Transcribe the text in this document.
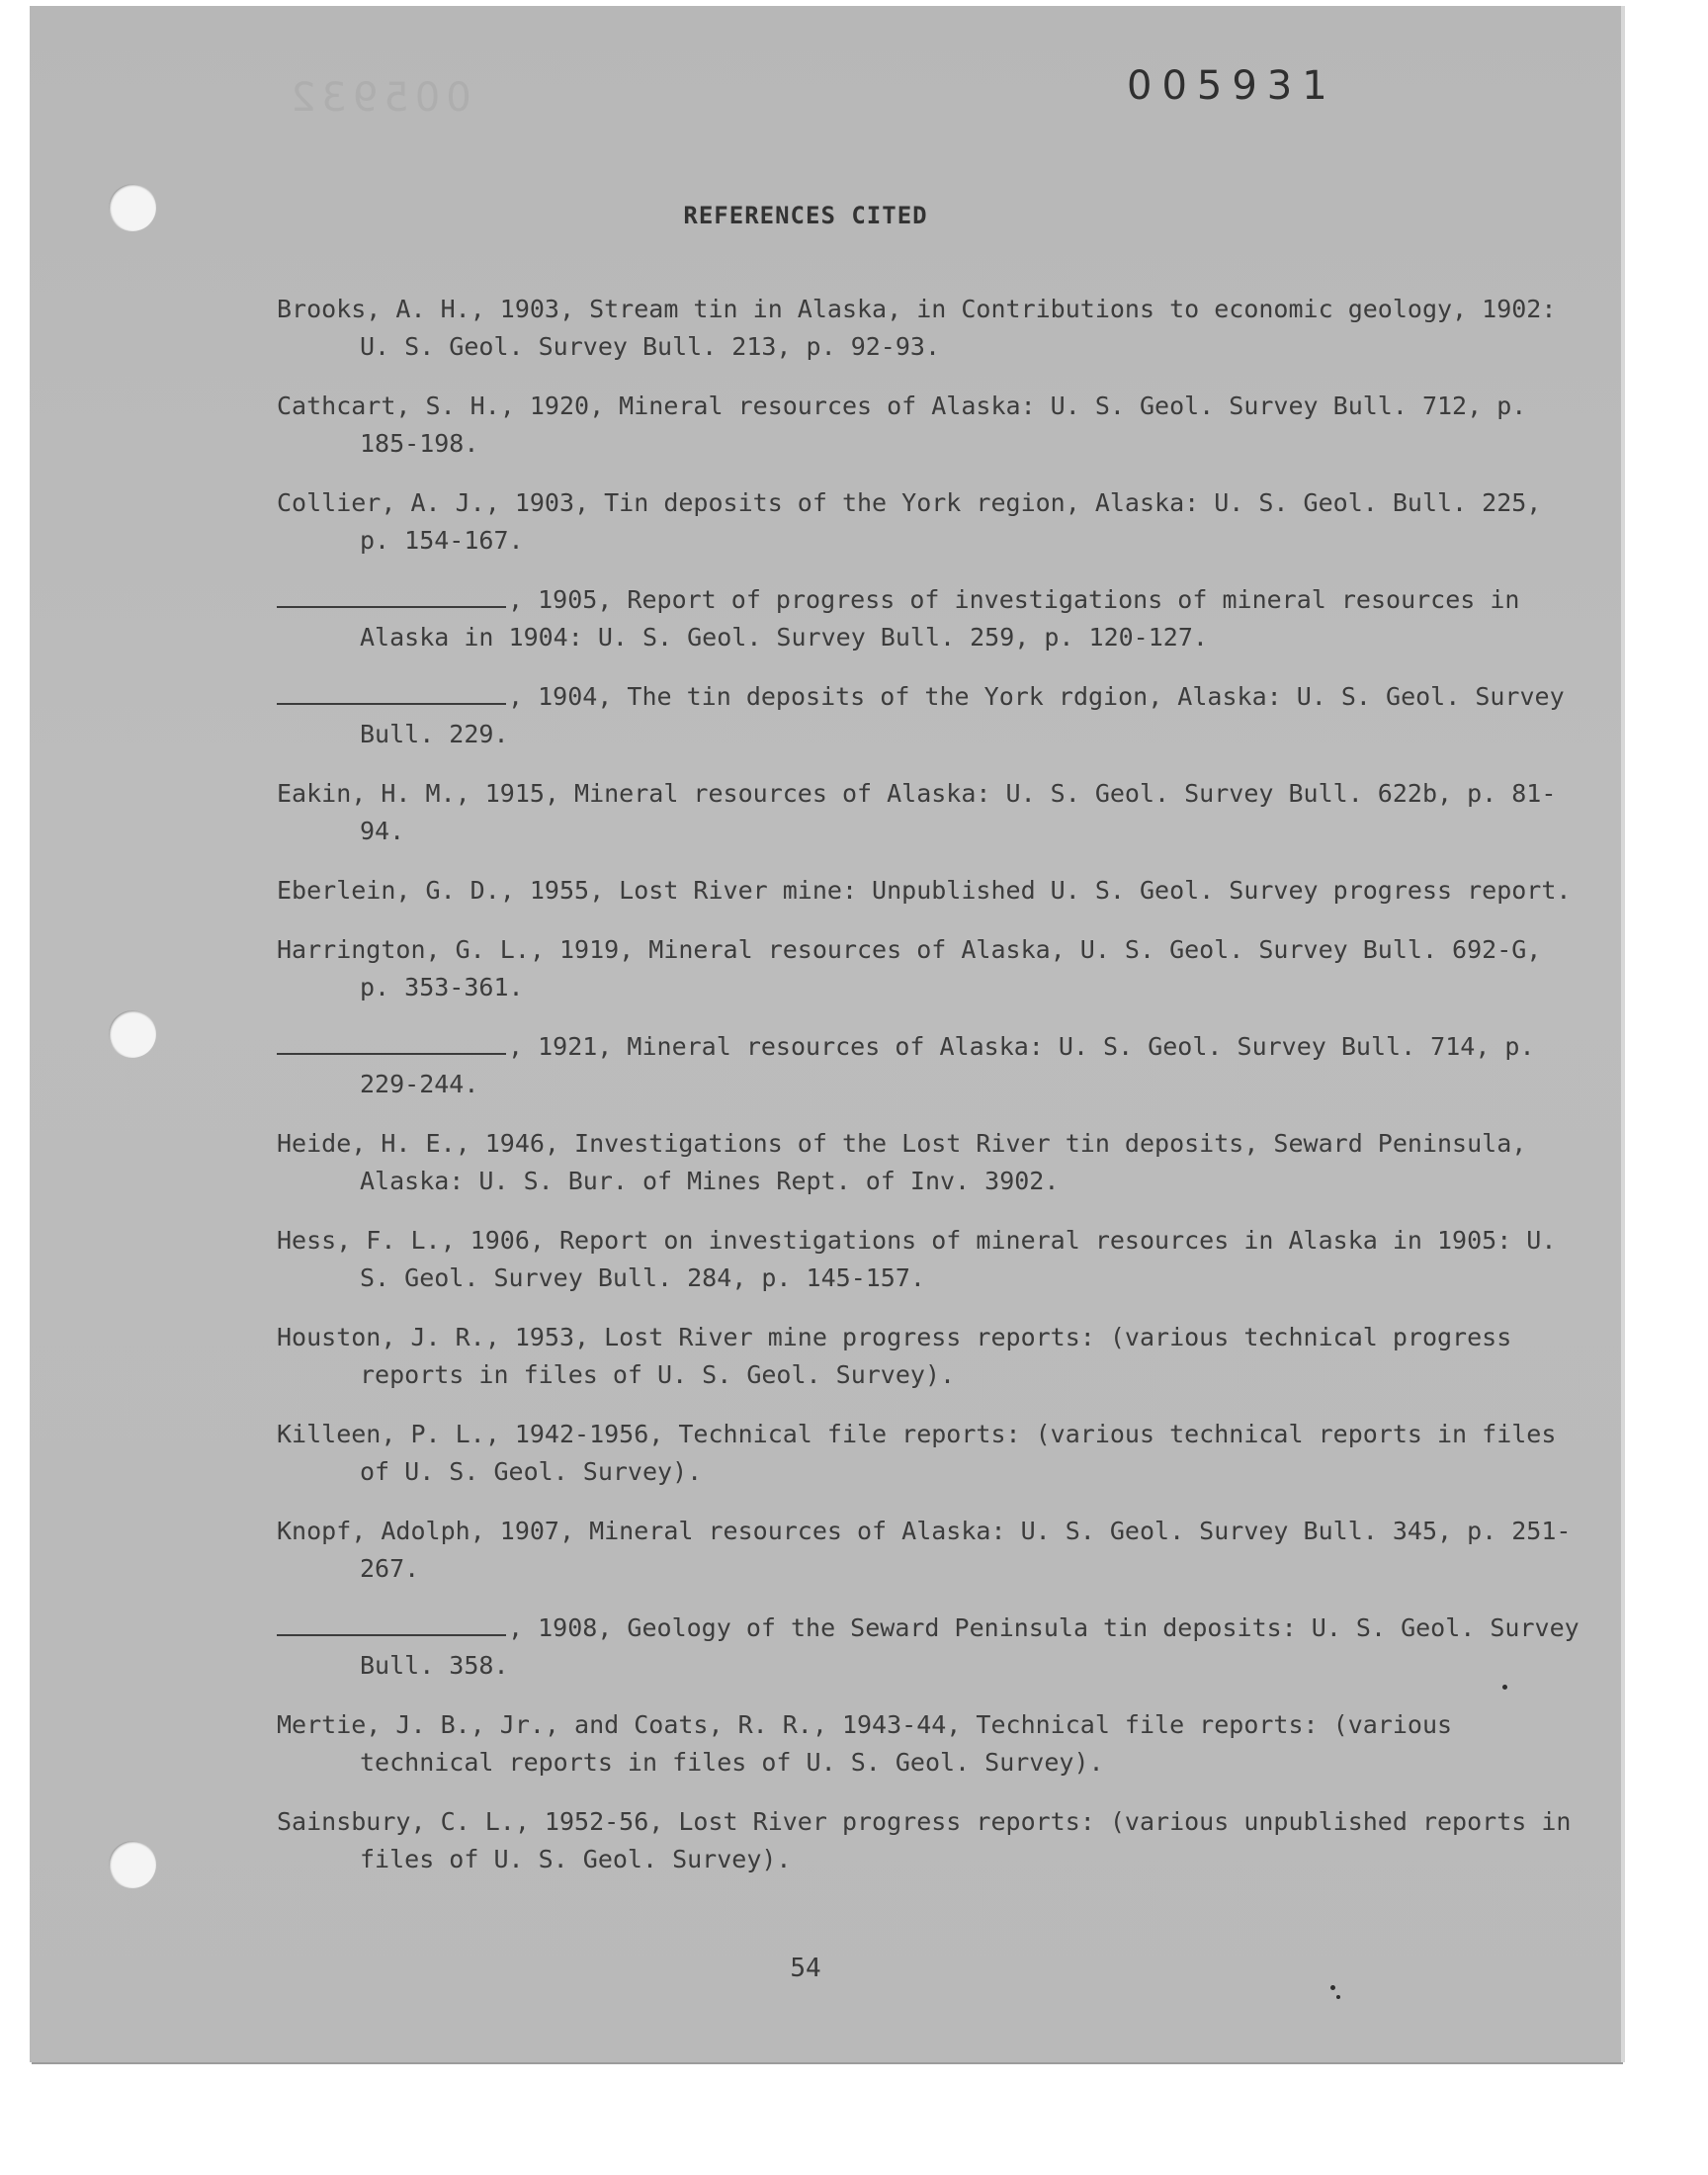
005932	005931
REFERENCES CITED
Brooks, A. H., 1903, Stream tin in Alaska, in Contributions to economic geology, 1902: U. S. Geol. Survey Bull. 213, p. 92-93.
Cathcart, S. H., 1920, Mineral resources of Alaska: U. S. Geol. Survey Bull. 712, p. 185-198.
Collier, A. J., 1903, Tin deposits of the York region, Alaska: U. S. Geol. Bull. 225, p. 154-167.
, 1905, Report of progress of investigations of mineral resources in Alaska in 1904: U. S. Geol. Survey Bull. 259, p. 120-127.
, 1904, The tin deposits of the York rdgion, Alaska: U. S. Geol. Survey Bull. 229.
Eakin, H. M., 1915, Mineral resources of Alaska: U. S. Geol. Survey Bull. 622b, p. 81-94.
Eberlein, G. D., 1955, Lost River mine: Unpublished U. S. Geol. Survey progress report.
Harrington, G. L., 1919, Mineral resources of Alaska, U. S. Geol. Survey Bull. 692-G, p. 353-361.
, 1921, Mineral resources of Alaska: U. S. Geol. Survey Bull. 714, p. 229-244.
Heide, H. E., 1946, Investigations of the Lost River tin deposits, Seward Peninsula, Alaska: U. S. Bur. of Mines Rept. of Inv. 3902.
Hess, F. L., 1906, Report on investigations of mineral resources in Alaska in 1905: U. S. Geol. Survey Bull. 284, p. 145-157.
Houston, J. R., 1953, Lost River mine progress reports: (various technical progress reports in files of U. S. Geol. Survey).
Killeen, P. L., 1942-1956, Technical file reports: (various technical reports in files of U. S. Geol. Survey).
Knopf, Adolph, 1907, Mineral resources of Alaska: U. S. Geol. Survey Bull. 345, p. 251-267.
, 1908, Geology of the Seward Peninsula tin deposits: U. S. Geol. Survey Bull. 358.
Mertie, J. B., Jr., and Coats, R. R., 1943-44, Technical file reports: (various technical reports in files of U. S. Geol. Survey).
Sainsbury, C. L., 1952-56, Lost River progress reports: (various unpublished reports in files of U. S. Geol. Survey).
54
